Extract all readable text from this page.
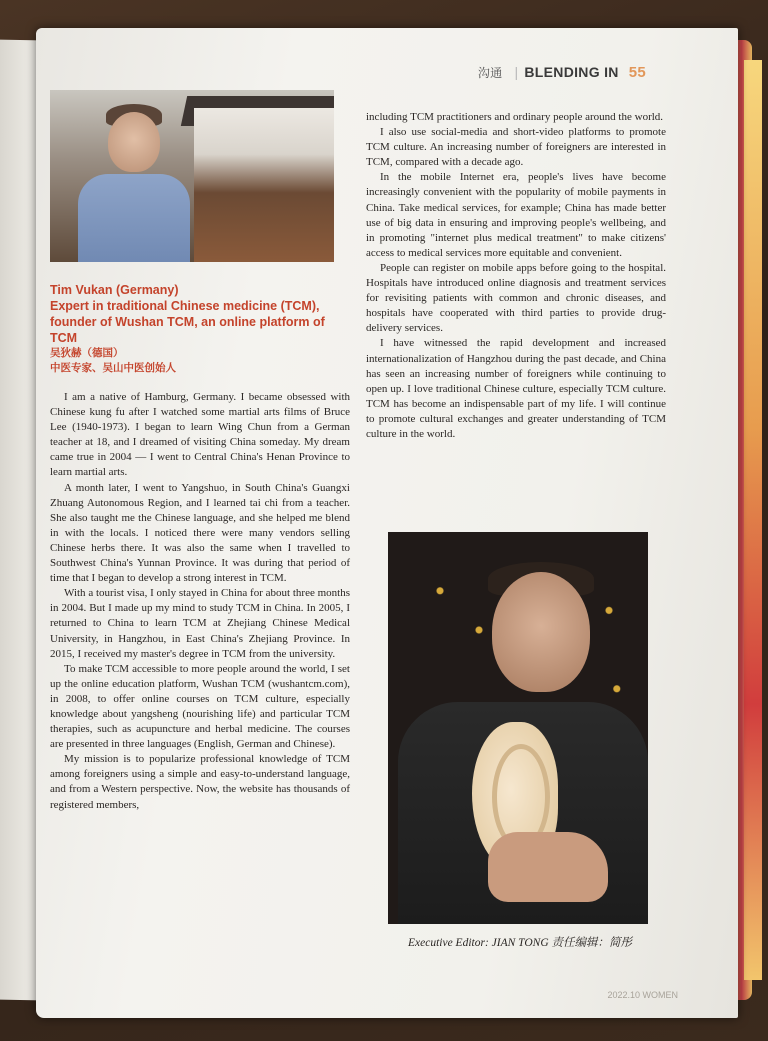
沟通 | BLENDING IN 55
Tim Vukan (Germany)
Expert in traditional Chinese medicine (TCM), founder of Wushan TCM, an online platform of TCM
吴狄赫（德国）
中医专家、吴山中医创始人

I am a native of Hamburg, Germany. I became obsessed with Chinese kung fu after I watched some martial arts films of Bruce Lee (1940-1973). I began to learn Wing Chun from a German teacher at 18, and I dreamed of visiting China someday. My dream came true in 2004 — I went to Central China's Henan Province to learn martial arts.

A month later, I went to Yangshuo, in South China's Guangxi Zhuang Autonomous Region, and I learned tai chi from a teacher. She also taught me the Chinese language, and she helped me blend in with the locals. I noticed there were many vendors selling Chinese herbs there. It was also the same when I travelled to Southwest China's Yunnan Province. It was during that period of time that I began to develop a strong interest in TCM.

With a tourist visa, I only stayed in China for about three months in 2004. But I made up my mind to study TCM in China. In 2005, I returned to China to learn TCM at Zhejiang Chinese Medical University, in Hangzhou, in East China's Zhejiang Province. In 2015, I received my master's degree in TCM from the university.

To make TCM accessible to more people around the world, I set up the online education platform, Wushan TCM (wushantcm.com), in 2008, to offer online courses on TCM culture, especially knowledge about yangsheng (nourishing life) and particular TCM therapies, such as acupuncture and herbal medicine. The courses are presented in three languages (English, German and Chinese).

My mission is to popularize professional knowledge of TCM among foreigners using a simple and easy-to-understand language, and from a Western perspective. Now, the website has thousands of registered members,

including TCM practitioners and ordinary people around the world.

I also use social-media and short-video platforms to promote TCM culture. An increasing number of foreigners are interested in TCM, compared with a decade ago.

In the mobile Internet era, people's lives have become increasingly convenient with the popularity of mobile payments in China. Take medical services, for example; China has made better use of big data in ensuring and improving people's wellbeing, and in promoting "internet plus medical treatment" to make citizens' access to medical services more equitable and convenient.

People can register on mobile apps before going to the hospital. Hospitals have introduced online diagnosis and treatment services for revisiting patients with common and chronic diseases, and hospitals have cooperated with third parties to provide drug-delivery services.

I have witnessed the rapid development and increased internationalization of Hangzhou during the past decade, and China has seen an increasing number of foreigners while continuing to open up. I love traditional Chinese culture, especially TCM culture. TCM has become an indispensable part of my life. I will continue to promote cultural exchanges and greater understanding of TCM culture in the world.

Executive Editor: JIAN TONG 责任编辑：简彤
2022.10 WOMEN
